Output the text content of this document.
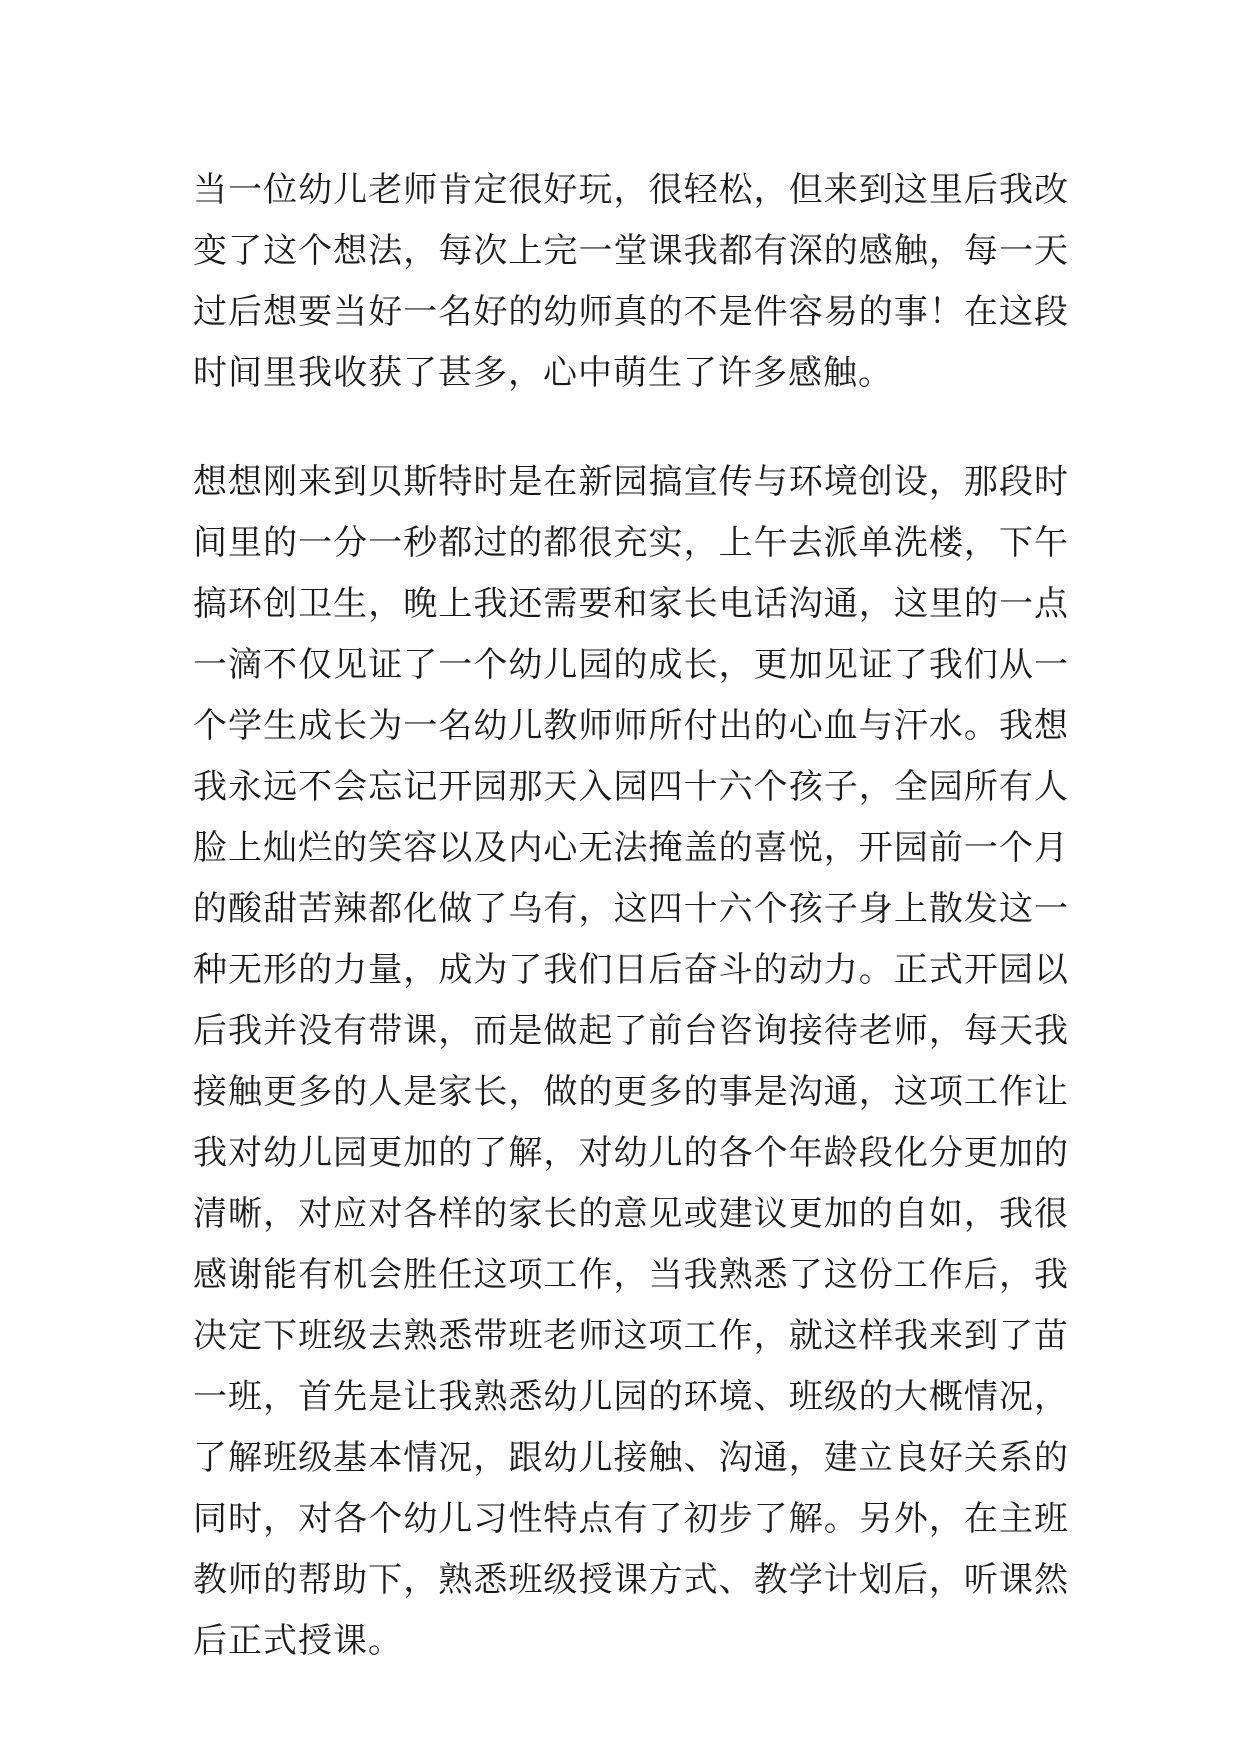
当一位幼儿老师肯定很好玩，很轻松，但来到这里后我改变了这个想法，每次上完一堂课我都有深的感触，每一天过后想要当好一名好的幼师真的不是件容易的事！在这段时间里我收获了甚多，心中萌生了许多感触。

想想刚来到贝斯特时是在新园搞宣传与环境创设，那段时间里的一分一秒都过的都很充实，上午去派单洗楼，下午搞环创卫生，晚上我还需要和家长电话沟通，这里的一点一滴不仅见证了一个幼儿园的成长，更加见证了我们从一个学生成长为一名幼儿教师师所付出的心血与汗水。我想我永远不会忘记开园那天入园四十六个孩子，全园所有人脸上灿烂的笑容以及内心无法掩盖的喜悦，开园前一个月的酸甜苦辣都化做了乌有，这四十六个孩子身上散发这一种无形的力量，成为了我们日后奋斗的动力。正式开园以后我并没有带课，而是做起了前台咨询接待老师，每天我接触更多的人是家长，做的更多的事是沟通，这项工作让我对幼儿园更加的了解，对幼儿的各个年龄段化分更加的清晰，对应对各样的家长的意见或建议更加的自如，我很感谢能有机会胜任这项工作，当我熟悉了这份工作后，我决定下班级去熟悉带班老师这项工作，就这样我来到了苗一班，首先是让我熟悉幼儿园的环境、班级的大概情况，了解班级基本情况，跟幼儿接触、沟通，建立良好关系的同时，对各个幼儿习性特点有了初步了解。另外，在主班教师的帮助下，熟悉班级授课方式、教学计划后，听课然后正式授课。
